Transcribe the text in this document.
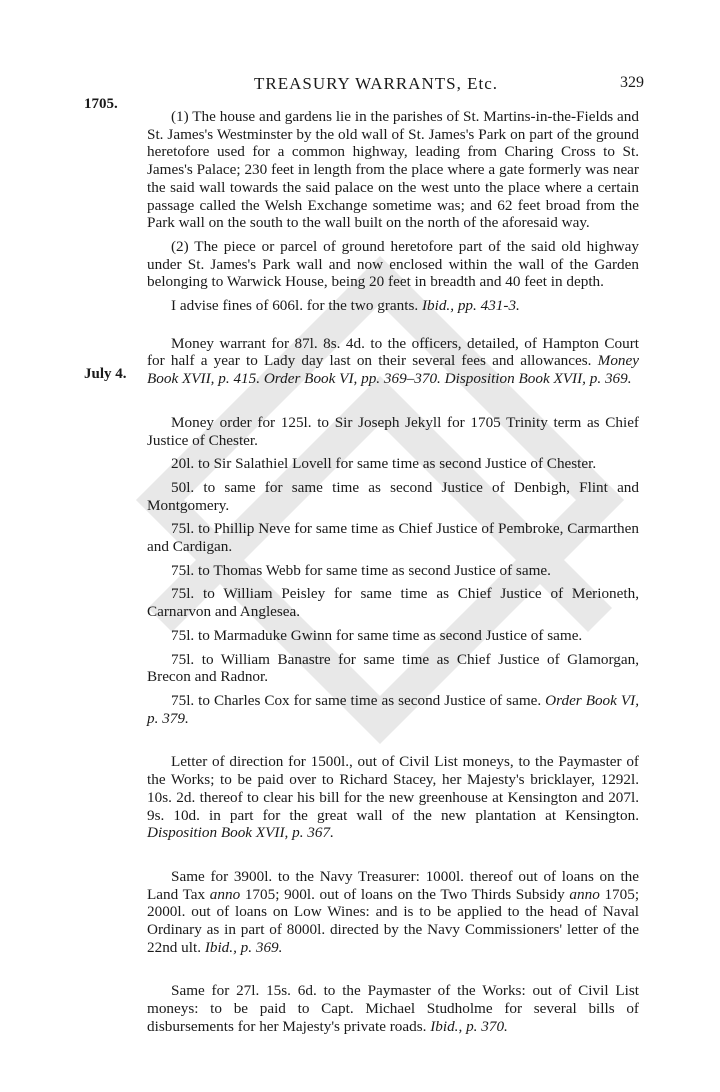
TREASURY WARRANTS, Etc.	329
1705.
July 4.

(1) The house and gardens lie in the parishes of St. Martins-in-the-Fields and St. James's Westminster by the old wall of St. James's Park on part of the ground heretofore used for a common highway, leading from Charing Cross to St. James's Palace; 230 feet in length from the place where a gate formerly was near the said wall towards the said palace on the west unto the place where a certain passage called the Welsh Exchange sometime was; and 62 feet broad from the Park wall on the south to the wall built on the north of the aforesaid way.

(2) The piece or parcel of ground heretofore part of the said old highway under St. James's Park wall and now enclosed within the wall of the Garden belonging to Warwick House, being 20 feet in breadth and 40 feet in depth.

I advise fines of 606l. for the two grants. Ibid., pp. 431-3.

Money warrant for 87l. 8s. 4d. to the officers, detailed, of Hampton Court for half a year to Lady day last on their several fees and allowances. Money Book XVII, p. 415. Order Book VI, pp. 369–370. Disposition Book XVII, p. 369.

Money order for 125l. to Sir Joseph Jekyll for 1705 Trinity term as Chief Justice of Chester.

20l. to Sir Salathiel Lovell for same time as second Justice of Chester.

50l. to same for same time as second Justice of Denbigh, Flint and Montgomery.

75l. to Phillip Neve for same time as Chief Justice of Pembroke, Carmarthen and Cardigan.

75l. to Thomas Webb for same time as second Justice of same.

75l. to William Peisley for same time as Chief Justice of Merioneth, Carnarvon and Anglesea.

75l. to Marmaduke Gwinn for same time as second Justice of same.

75l. to William Banastre for same time as Chief Justice of Glamorgan, Brecon and Radnor.

75l. to Charles Cox for same time as second Justice of same. Order Book VI, p. 379.

Letter of direction for 1500l., out of Civil List moneys, to the Paymaster of the Works; to be paid over to Richard Stacey, her Majesty's bricklayer, 1292l. 10s. 2d. thereof to clear his bill for the new greenhouse at Kensington and 207l. 9s. 10d. in part for the great wall of the new plantation at Kensington. Disposition Book XVII, p. 367.

Same for 3900l. to the Navy Treasurer: 1000l. thereof out of loans on the Land Tax anno 1705; 900l. out of loans on the Two Thirds Subsidy anno 1705; 2000l. out of loans on Low Wines: and is to be applied to the head of Naval Ordinary as in part of 8000l. directed by the Navy Commissioners' letter of the 22nd ult. Ibid., p. 369.

Same for 27l. 15s. 6d. to the Paymaster of the Works: out of Civil List moneys: to be paid to Capt. Michael Studholme for several bills of disbursements for her Majesty's private roads. Ibid., p. 370.
